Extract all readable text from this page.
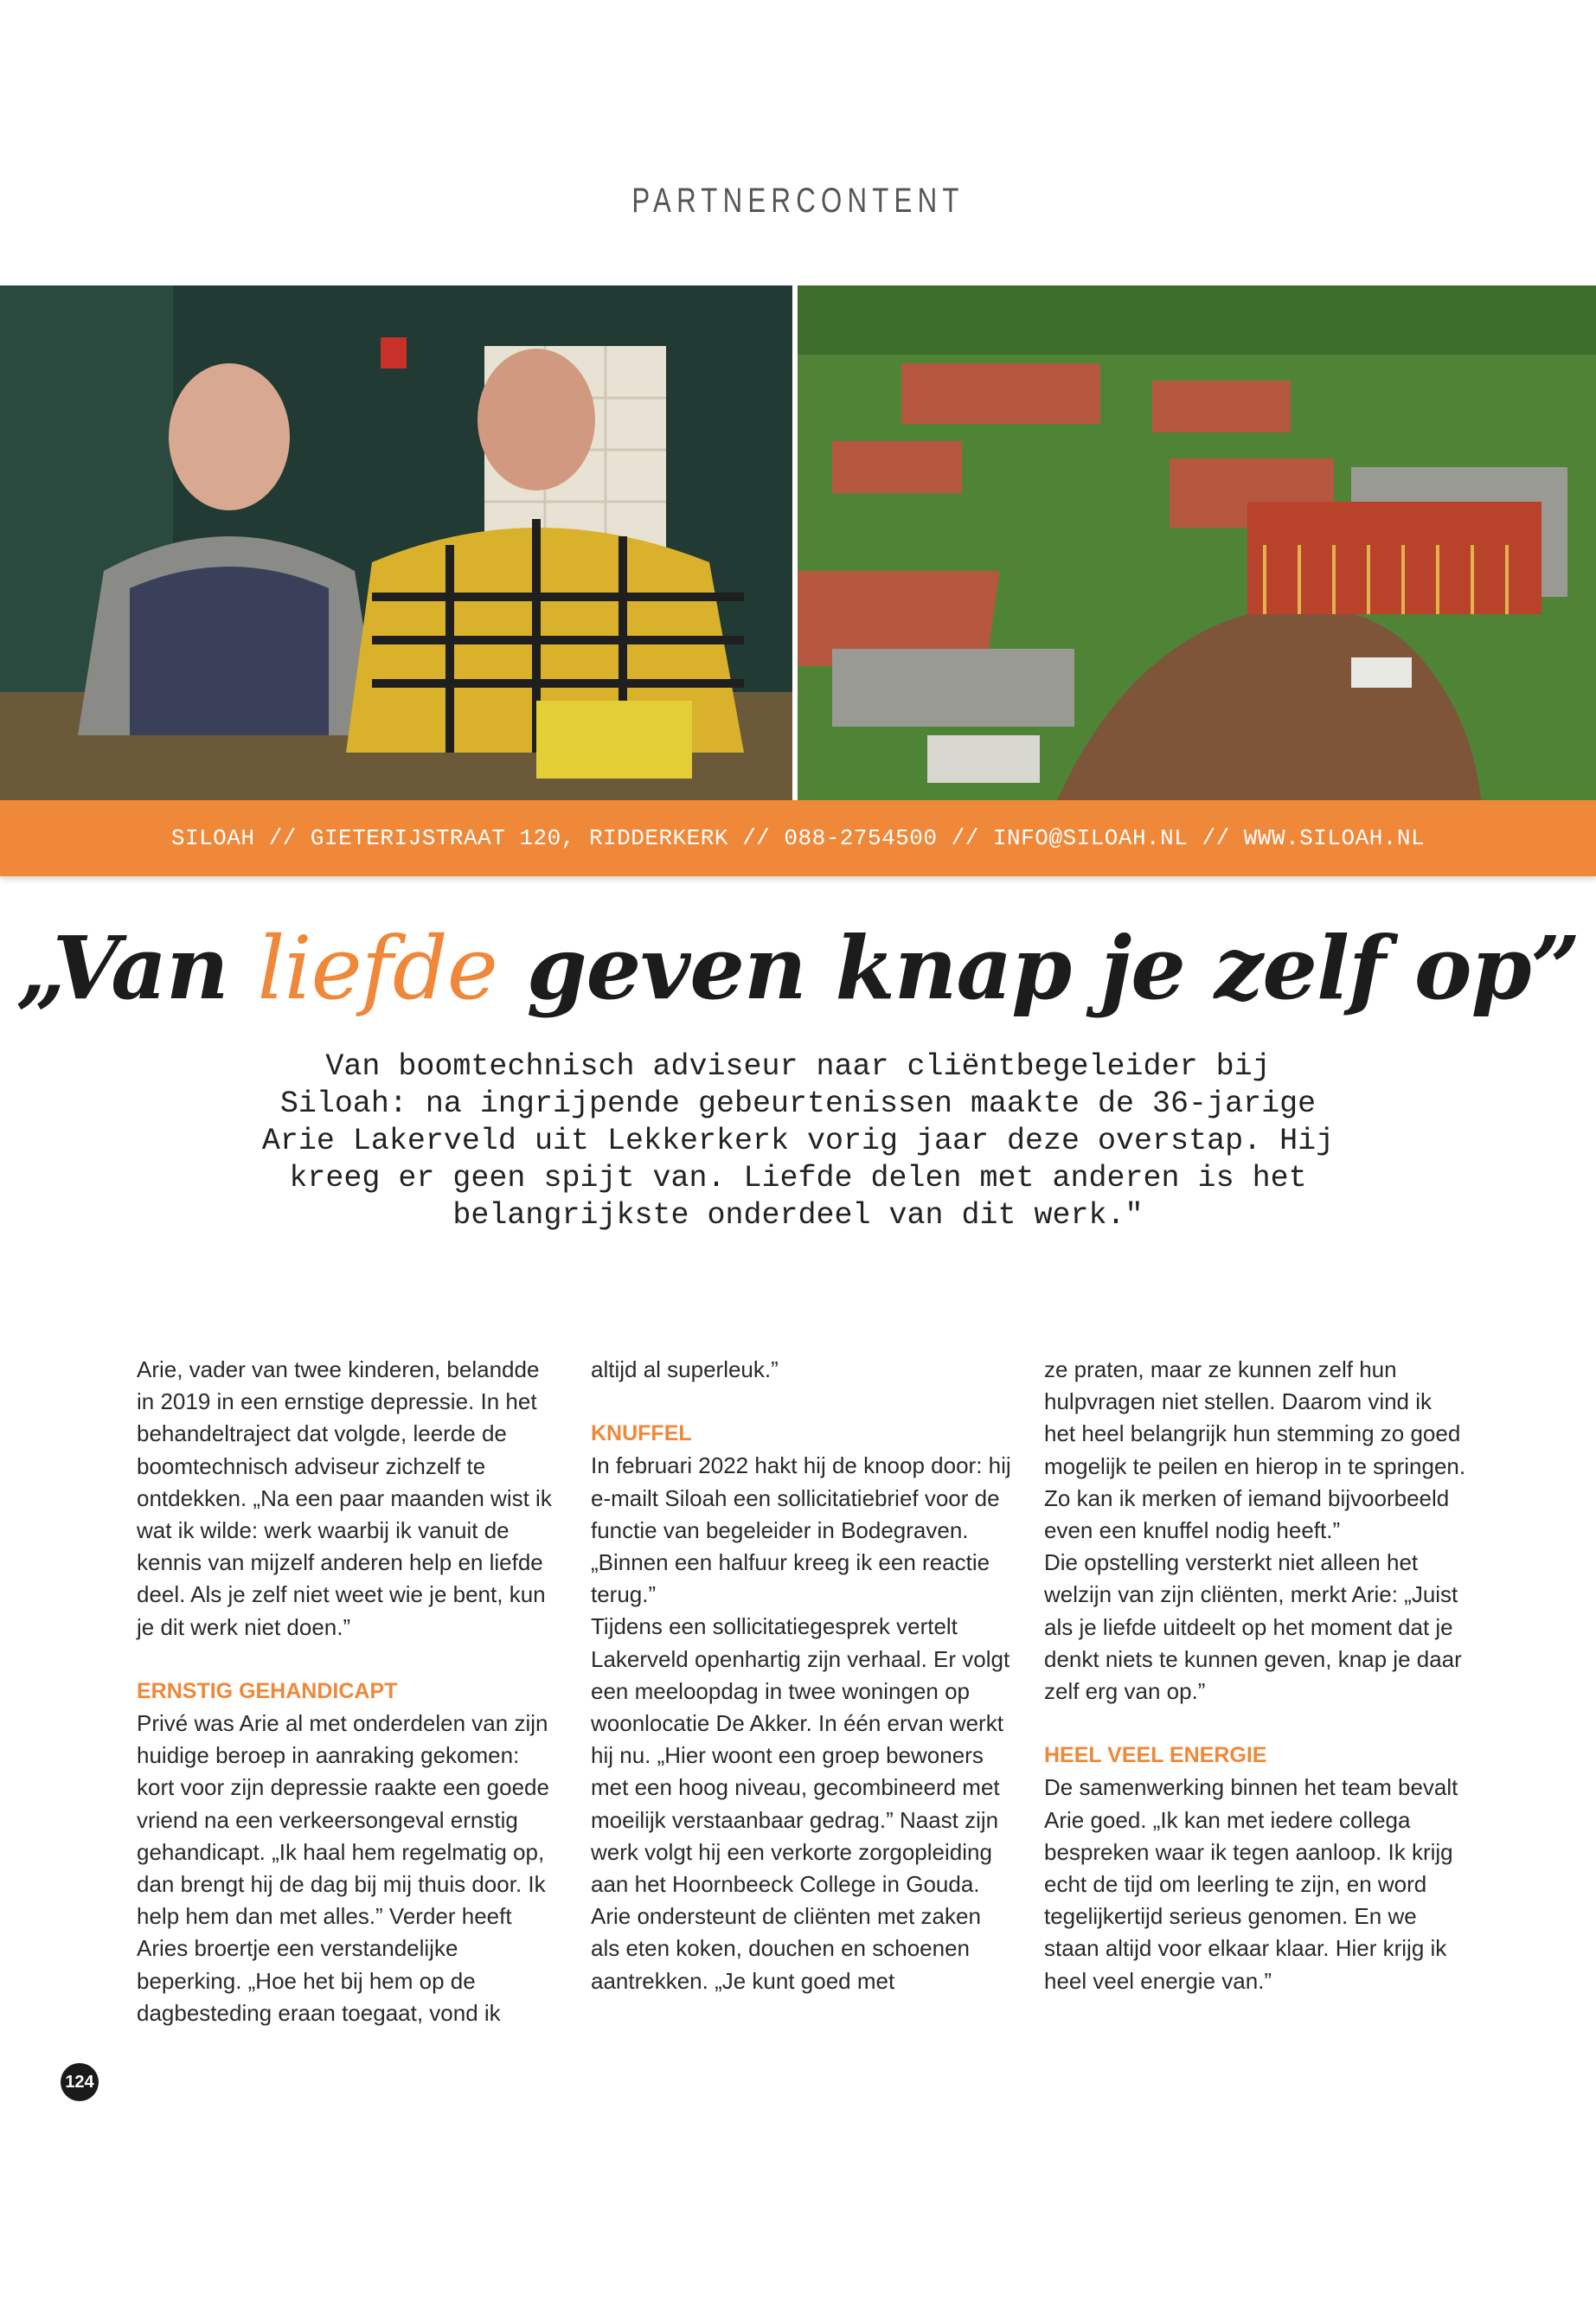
PARTNERCONTENT
SILOAH // GIETERIJSTRAAT 120, RIDDERKERK // 088-2754500 // INFO@SILOAH.NL // WWW.SILOAH.NL
„Van liefde geven knap je zelf op”
Van boomtechnisch adviseur naar cliëntbegeleider bij Siloah: na ingrijpende gebeurtenissen maakte de 36-jarige Arie Lakerveld uit Lekkerkerk vorig jaar deze overstap. Hij kreeg er geen spijt van. Liefde delen met anderen is het belangrijkste onderdeel van dit werk."

Arie, vader van twee kinderen, belandde in 2019 in een ernstige depressie. In het behandeltraject dat volgde, leerde de boomtechnisch adviseur zichzelf te ontdekken. „Na een paar maanden wist ik wat ik wilde: werk waarbij ik vanuit de kennis van mijzelf anderen help en liefde deel. Als je zelf niet weet wie je bent, kun je dit werk niet doen.”

ERNSTIG GEHANDICAPT

Privé was Arie al met onderdelen van zijn huidige beroep in aanraking gekomen: kort voor zijn depressie raakte een goede vriend na een verkeersongeval ernstig gehandicapt. „Ik haal hem regelmatig op, dan brengt hij de dag bij mij thuis door. Ik help hem dan met alles.” Verder heeft Aries broertje een verstandelijke beperking. „Hoe het bij hem op de dagbesteding eraan toegaat, vond ik

altijd al superleuk.”

KNUFFEL

In februari 2022 hakt hij de knoop door: hij e-mailt Siloah een sollicitatiebrief voor de functie van begeleider in Bodegraven. „Binnen een halfuur kreeg ik een reactie terug.”

Tijdens een sollicitatiegesprek vertelt Lakerveld openhartig zijn verhaal. Er volgt een meeloopdag in twee woningen op woonlocatie De Akker. In één ervan werkt hij nu. „Hier woont een groep bewoners met een hoog niveau, gecombineerd met moeilijk verstaanbaar gedrag.” Naast zijn werk volgt hij een verkorte zorgopleiding aan het Hoornbeeck College in Gouda.

Arie ondersteunt de cliënten met zaken als eten koken, douchen en schoenen aantrekken. „Je kunt goed met

ze praten, maar ze kunnen zelf hun hulpvragen niet stellen. Daarom vind ik het heel belangrijk hun stemming zo goed mogelijk te peilen en hierop in te springen. Zo kan ik merken of iemand bijvoorbeeld even een knuffel nodig heeft.”

Die opstelling versterkt niet alleen het welzijn van zijn cliënten, merkt Arie: „Juist als je liefde uitdeelt op het moment dat je denkt niets te kunnen geven, knap je daar zelf erg van op.”

HEEL VEEL ENERGIE

De samenwerking binnen het team bevalt Arie goed. „Ik kan met iedere collega bespreken waar ik tegen aanloop. Ik krijg echt de tijd om leerling te zijn, en word tegelijkertijd serieus genomen. En we staan altijd voor elkaar klaar. Hier krijg ik heel veel energie van.”

124
